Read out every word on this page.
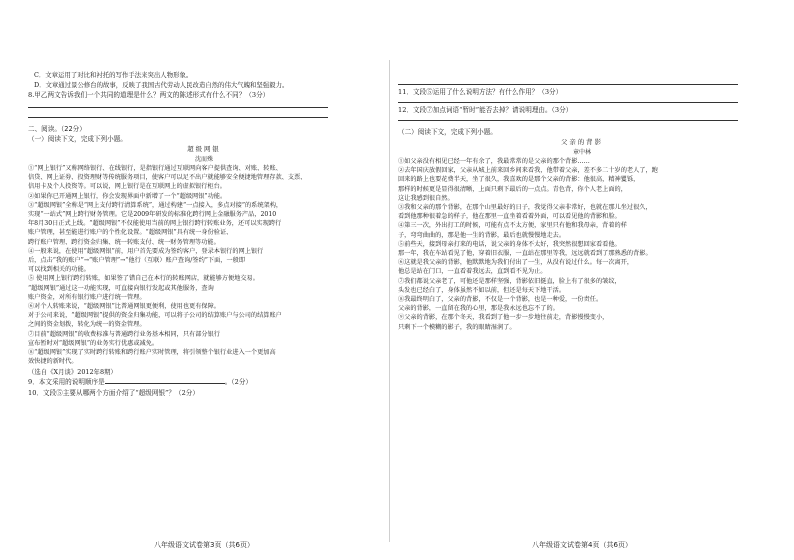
C．文章运用了对比和衬托的写作手法来突出人物形象。
D．文章通过景公修台的故事，反映了我国古代劳动人民改造自然的伟大气魄和坚强毅力。
8.甲乙两文告诉我们一个共同的道理是什么？两文的陈述形式有什么不同？（3分）
二、阅读。（22分）
（一）阅读下文，完成下列小题。
超级网银
沈而殊
①“网上银行”又称网络银行、在线银行，是指银行通过互联网向客户提供查询、对账、转账、
信贷、网上证券、投资理财等传统服务项目，使客户可以足不出户就能够安全便捷地管理存款、支票、
信用卡及个人投资等。可以说，网上银行是在互联网上的虚拟银行柜台。
②如果你已开通网上银行，你会发现界面中新增了一个“超级网银”功能。
③“超级网银”全称是“网上支付跨行清算系统”，通过构建“一点接入，多点对接”的系统架构，
实现“一站式”网上跨行财务管理。它是2009年研发的标准化跨行网上金融服务产品，2010
年8月30日正式上线。“超级网银”不仅能使用当前的网上银行跨行转账业务，还可以实现跨行
账户管理，甚至能进行账户的个性化设置。“超级网银”具有统一身份验证、
跨行账户管理、跨行资金归集、统一转账支付、统一财务管理等功能。
④一般来说，在使用“超级网银”前，用户首先要成为签约客户，登录本银行的网上银行
后，点击“我的账户”→“账户管理”→“他行（互联）账户查询/签约”下面，一般即
可以找到相关的功能。
⑤ 使用网上银行跨行转账，如果签了错自己在本行的转账网店，就能够方便地交易。
“超级网银”通过这一功能实现，可直接向银行发起或其他服务，查询
账户资金，对所有银行账户进行统一管理。
⑥对个人转账来说，“超级网银”比普通网银更便利，使用也更有保障。
对于公司来说，“超级网银”提供的资金归集功能，可以将子公司的结算账户与公司的结算账户
之间的资金划拨，转化为统一的资金管理。
⑦目前“超级网银”的收费标准与普通跨行业务基本相同，只有部分银行
宣布暂时对“超级网银”的业务实行优惠或减免。
⑧“超级网银”实现了实时跨行转账和跨行账户实时管理，将引领整个银行业进入一个更加高
效快捷的新时代。
（选自《X月谈》2012年8期）
9．本文采用的说明顺序是	。（2分）
10．文段⑤主要从哪两个方面介绍了“超级网银”？（2分）
八年级语文试卷第3页（共6页）
11．文段⑤运用了什么说明方法？有什么作用？（3分）
12．文段⑦加点词语“暂时”能否去掉？请说明理由。（3分）
（二）阅读下文，完成下列小题。
父亲的背影
章中林
①如父亲没有相见已经一年有余了，我最常常的是父亲的那个背影……
②去年国庆放假回家，父亲从城上前来回乡间来看我，他带着父亲，差不多二十岁的老人了，跑
回来的路上也要花费半天，坐了很久，我喜欢的是那个父亲的背影：他很高，精神矍铄，
那样的时候更是显得很清晰，上面只剩下最后的一点点。青色背，你个人老上面的，
这让我感到很自然。
③我和父亲的那个背影，在那个山里最好的日子，我觉得父亲非常好，也就在那儿坐过很久，
看到他那种很着急的样子，他在那里一直坐着看着外面，可以看见他的背影和脸。
④第三一次，外出打工的时候，可能有点不太方便，家里只有他和我母亲，背着的样
子，弯弯曲曲的，那是他一生的背影，最后也就慢慢地走去。
⑤前些天，接到母亲打来的电话，说父亲的身体不太好，我突然很想回家看看他。
那一年，我在车站看见了他，穿着旧衣服，一直站在那里等我，远远就看到了那熟悉的背影。
⑥这就是我父亲的背影，他默默地为我们付出了一生，从没有说过什么。每一次离开，
他总是站在门口，一直看着我远去，直到看不见为止。
⑦我们都说父亲老了，可他还是那样坚强，背影依旧挺直，脸上有了很多的皱纹，
头发也已经白了，身体虽然不如以前，但还是每天下地干活。
⑧我最终明白了，父亲的背影，不仅是一个背影，也是一种爱，一份责任。
父亲的背影，一直留在我的心里，那是我永远也忘不了的。
⑨父亲的背影，在那个冬天，我看到了他一步一步地往前走，背影慢慢变小，
只剩下一个模糊的影子，我的眼睛湿润了。
八年级语文试卷第4页（共6页）
